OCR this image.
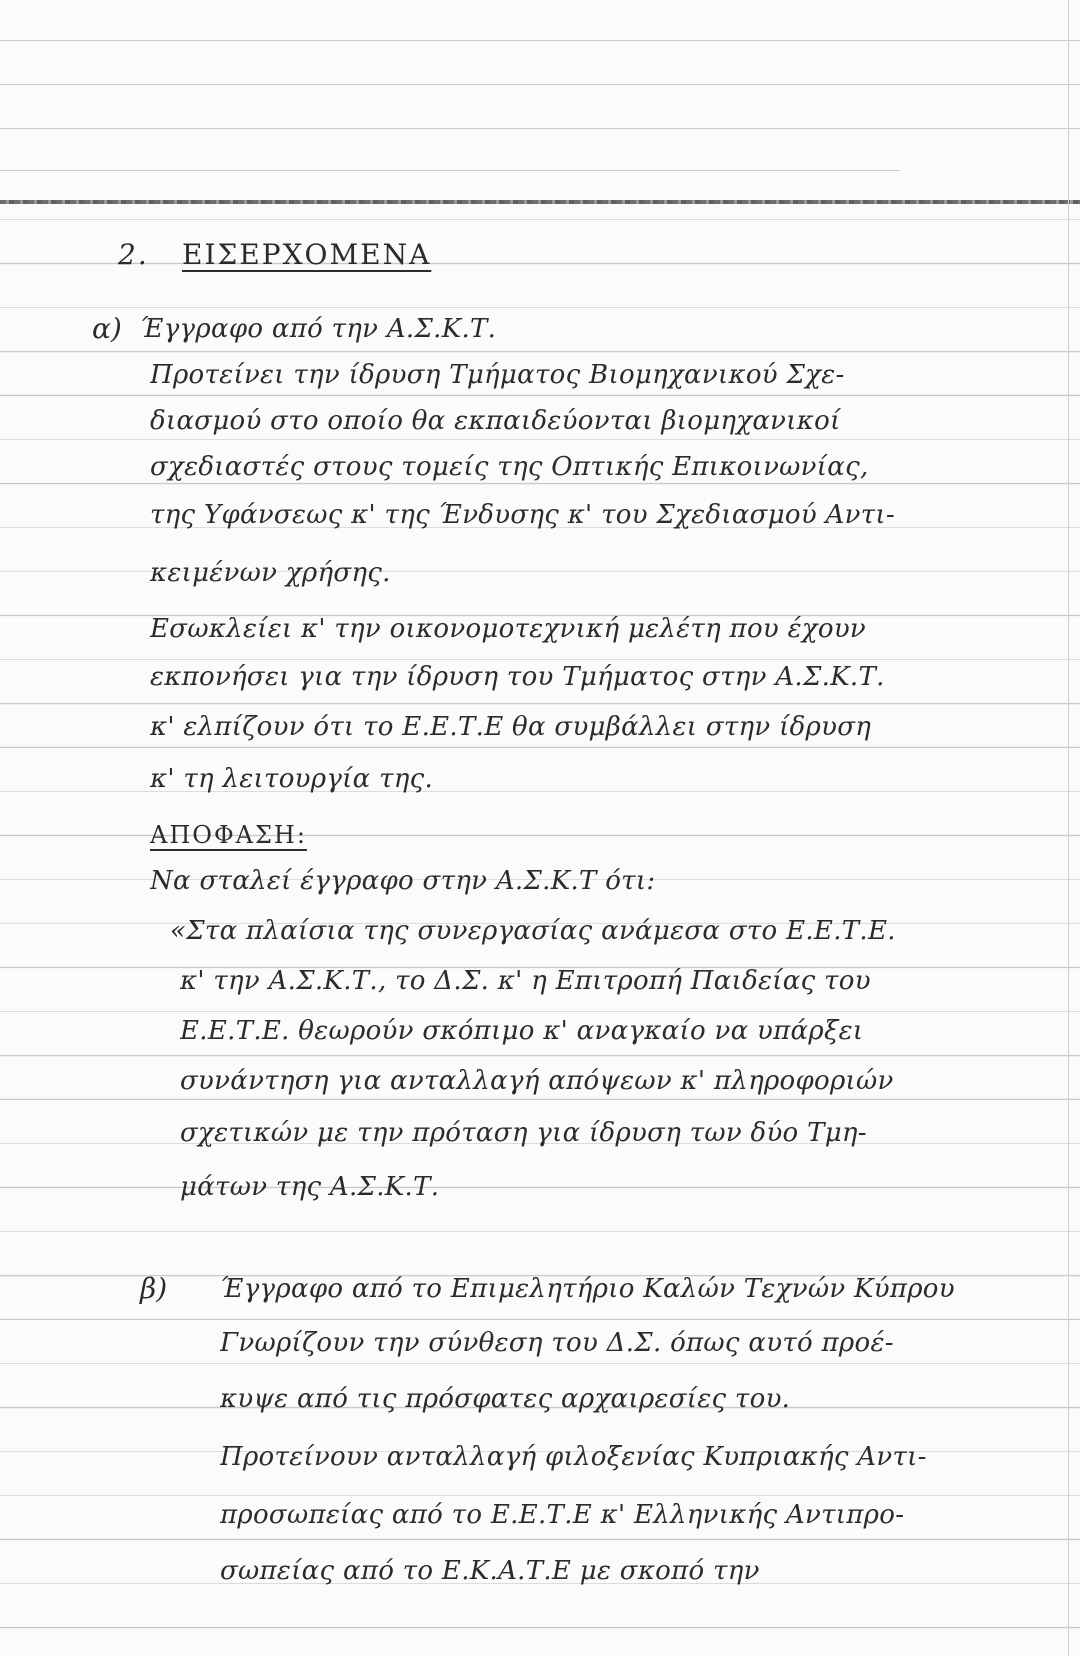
2. ΕΙΣΕΡΧΟΜΕΝΑ
α) Έγγραφο από την Α.Σ.Κ.Τ.
Προτείνει την ίδρυση Τμήματος Βιομηχανικού Σχε-
διασμού στο οποίο θα εκπαιδεύονται βιομηχανικοί
σχεδιαστές στους τομείς της Οπτικής Επικοινωνίας,
της Υφάνσεως κ' της Ένδυσης κ' του Σχεδιασμού Αντι-
κειμένων χρήσης.
Εσωκλείει κ' την οικονομοτεχνική μελέτη που έχουν
εκπονήσει για την ίδρυση του Τμήματος στην Α.Σ.Κ.Τ.
κ' ελπίζουν ότι το Ε.Ε.Τ.Ε θα συμβάλλει στην ίδρυση
κ' τη λειτουργία της.
ΑΠΟΦΑΣΗ:
Να σταλεί έγγραφο στην Α.Σ.Κ.Τ ότι:
«Στα πλαίσια της συνεργασίας ανάμεσα στο Ε.Ε.Τ.Ε.
κ' την Α.Σ.Κ.Τ., το Δ.Σ. κ' η Επιτροπή Παιδείας του
Ε.Ε.Τ.Ε. θεωρούν σκόπιμο κ' αναγκαίο να υπάρξει
συνάντηση για ανταλλαγή απόψεων κ' πληροφοριών
σχετικών με την πρόταση για ίδρυση των δύο Τμη-
μάτων της Α.Σ.Κ.Τ.
β) Έγγραφο από το Επιμελητήριο Καλών Τεχνών Κύπρου
Γνωρίζουν την σύνθεση του Δ.Σ. όπως αυτό προέ-
κυψε από τις πρόσφατες αρχαιρεσίες του.
Προτείνουν ανταλλαγή φιλοξενίας Κυπριακής Αντι-
προσωπείας από το Ε.Ε.Τ.Ε κ' Ελληνικής Αντιπρο-
σωπείας από το Ε.Κ.Α.Τ.Ε με σκοπό την
